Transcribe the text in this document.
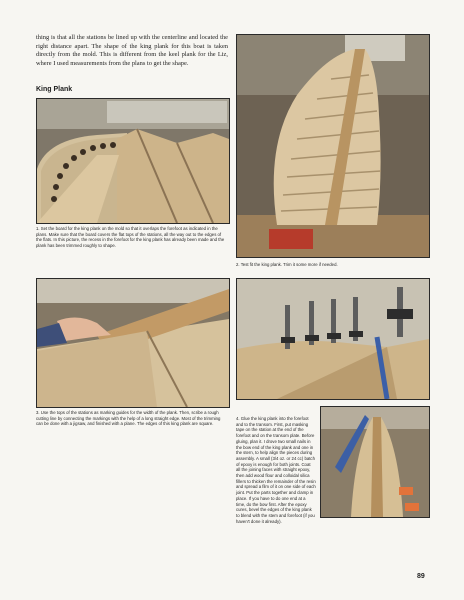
thing is that all the stations be lined up with the centerline and located the right distance apart. The shape of the king plank for this boat is taken directly from the mold. This is different from the keel plank for the Liz, where I used measurements from the plans to get the shape.

King Plank

1. Set the board for the king plank on the mold so that it overlaps the forefoot as indicated in the plans. Make sure that the board covers the flat tops of the stations, all the way out to the edges of the flats. In this picture, the recess in the forefoot for the king plank has already been made and the plank has been trimmed roughly to shape.

2. Test fit the king plank. Trim it some more if needed.

3. Use the tops of the stations as marking guides for the width of the plank. Then, scribe a rough cutting line by connecting the markings with the help of a long straight edge. Most of the trimming can be done with a jigsaw, and finished with a plane. The edges of this king plank are square.

4. Glue the king plank into the forefoot and to the transom. First, put masking tape on the station at the end of the forefoot and on the transom plate. Before gluing, plan it. I drove two small nails in the bow end of the king plank and one in the stern, to help align the pieces during assembly. A small (3/4 oz. or 24 cc) batch of epoxy is enough for both joints. Coat all the joining faces with straight epoxy, then add wood flour and colloidal silica fillers to thicken the remainder of the resin and spread a film of it on one side of each joint. Put the parts together and clamp in place. If you have to do one end at a time, do the bow first. After the epoxy cures, bevel the edges of the king plank to blend with the stem and forefoot (if you haven't done it already).

89
